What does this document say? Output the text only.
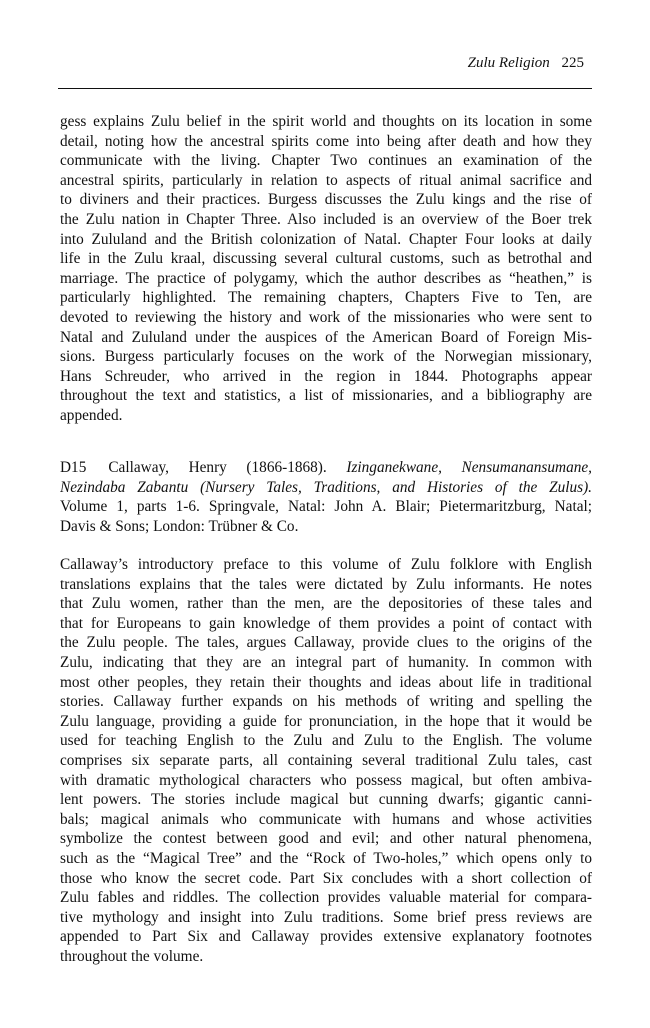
Zulu Religion 225
gess explains Zulu belief in the spirit world and thoughts on its location in some
detail, noting how the ancestral spirits come into being after death and how they
communicate with the living. Chapter Two continues an examination of the
ancestral spirits, particularly in relation to aspects of ritual animal sacrifice and
to diviners and their practices. Burgess discusses the Zulu kings and the rise of
the Zulu nation in Chapter Three. Also included is an overview of the Boer trek
into Zululand and the British colonization of Natal. Chapter Four looks at daily
life in the Zulu kraal, discussing several cultural customs, such as betrothal and
marriage. The practice of polygamy, which the author describes as “heathen,” is
particularly highlighted. The remaining chapters, Chapters Five to Ten, are
devoted to reviewing the history and work of the missionaries who were sent to
Natal and Zululand under the auspices of the American Board of Foreign Mis-
sions. Burgess particularly focuses on the work of the Norwegian missionary,
Hans Schreuder, who arrived in the region in 1844. Photographs appear
throughout the text and statistics, a list of missionaries, and a bibliography are
appended.
D15 Callaway, Henry (1866-1868). Izinganekwane, Nensumanansumane,
Nezindaba Zabantu (Nursery Tales, Traditions, and Histories of the Zulus).
Volume 1, parts 1-6. Springvale, Natal: John A. Blair; Pietermaritzburg, Natal;
Davis & Sons; London: Trübner & Co.
Callaway’s introductory preface to this volume of Zulu folklore with English
translations explains that the tales were dictated by Zulu informants. He notes
that Zulu women, rather than the men, are the depositories of these tales and
that for Europeans to gain knowledge of them provides a point of contact with
the Zulu people. The tales, argues Callaway, provide clues to the origins of the
Zulu, indicating that they are an integral part of humanity. In common with
most other peoples, they retain their thoughts and ideas about life in traditional
stories. Callaway further expands on his methods of writing and spelling the
Zulu language, providing a guide for pronunciation, in the hope that it would be
used for teaching English to the Zulu and Zulu to the English. The volume
comprises six separate parts, all containing several traditional Zulu tales, cast
with dramatic mythological characters who possess magical, but often ambiva-
lent powers. The stories include magical but cunning dwarfs; gigantic canni-
bals; magical animals who communicate with humans and whose activities
symbolize the contest between good and evil; and other natural phenomena,
such as the “Magical Tree” and the “Rock of Two-holes,” which opens only to
those who know the secret code. Part Six concludes with a short collection of
Zulu fables and riddles. The collection provides valuable material for compara-
tive mythology and insight into Zulu traditions. Some brief press reviews are
appended to Part Six and Callaway provides extensive explanatory footnotes
throughout the volume.
